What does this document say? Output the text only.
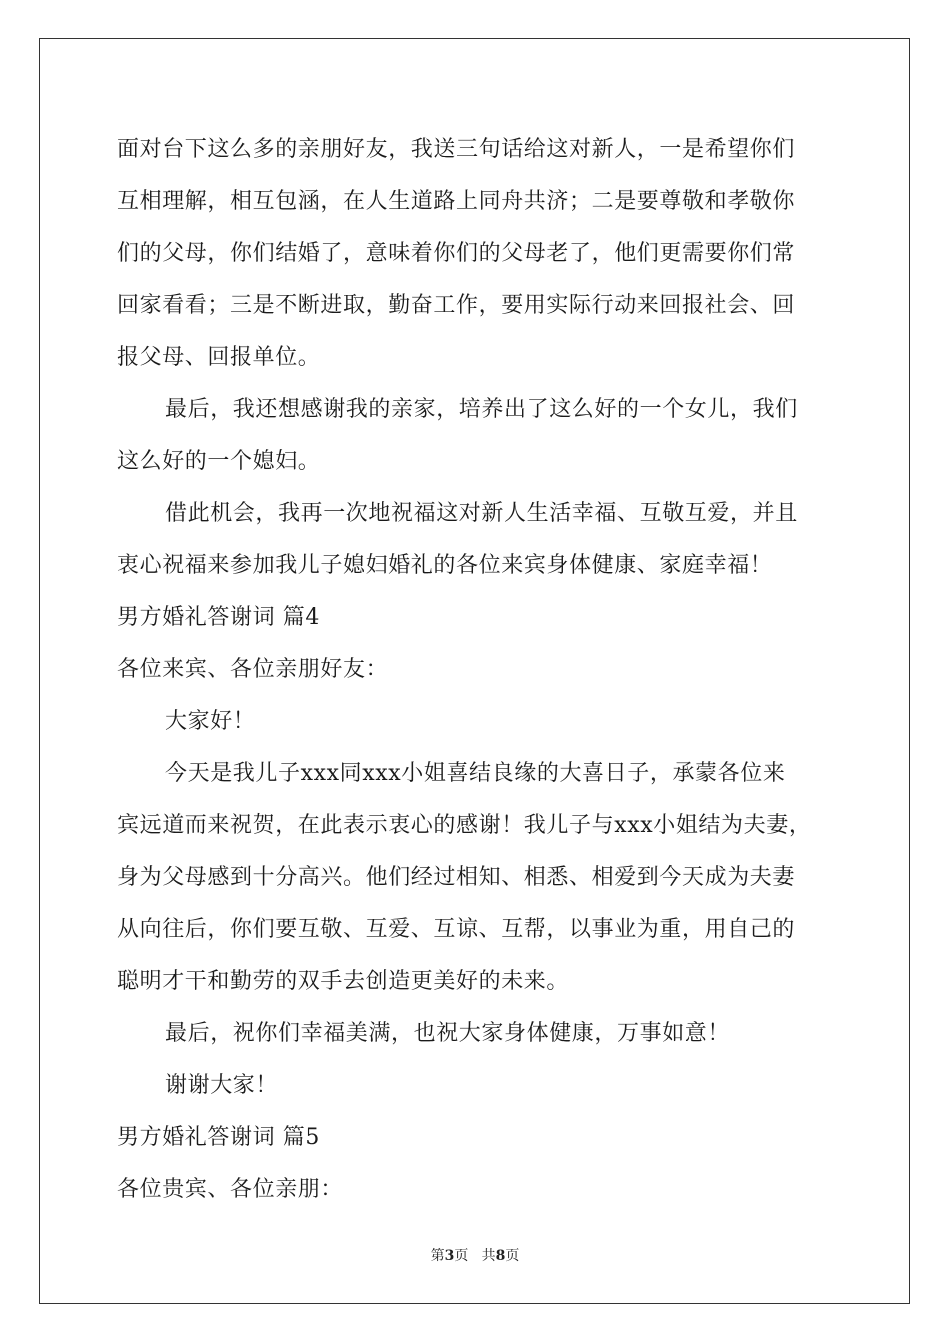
面对台下这么多的亲朋好友，我送三句话给这对新人，一是希望你们
互相理解，相互包涵，在人生道路上同舟共济；二是要尊敬和孝敬你
们的父母，你们结婚了，意味着你们的父母老了，他们更需要你们常
回家看看；三是不断进取，勤奋工作，要用实际行动来回报社会、回
报父母、回报单位。
最后，我还想感谢我的亲家，培养出了这么好的一个女儿，我们
这么好的一个媳妇。
借此机会，我再一次地祝福这对新人生活幸福、互敬互爱，并且
衷心祝福来参加我儿子媳妇婚礼的各位来宾身体健康、家庭幸福！
男方婚礼答谢词 篇4
各位来宾、各位亲朋好友：
大家好！
今天是我儿子xxx同xxx小姐喜结良缘的大喜日子，承蒙各位来
宾远道而来祝贺，在此表示衷心的感谢！我儿子与xxx小姐结为夫妻，
身为父母感到十分高兴。他们经过相知、相悉、相爱到今天成为夫妻
从向往后，你们要互敬、互爱、互谅、互帮，以事业为重，用自己的
聪明才干和勤劳的双手去创造更美好的未来。
最后，祝你们幸福美满，也祝大家身体健康，万事如意！
谢谢大家！
男方婚礼答谢词 篇5
各位贵宾、各位亲朋：
第3页 共8页
